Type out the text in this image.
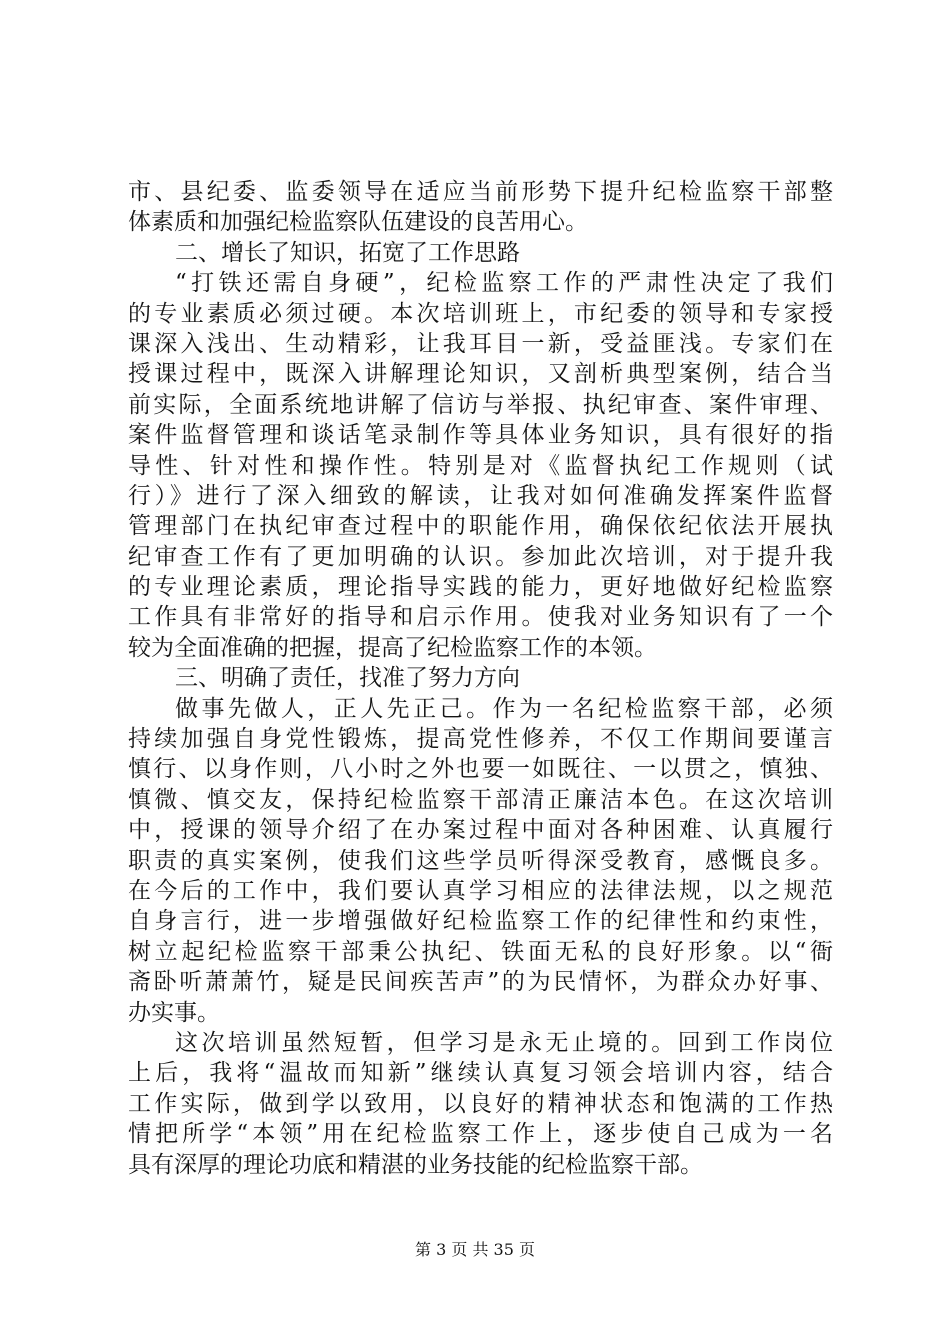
市、县纪委、监委领导在适应当前形势下提升纪检监察干部整
体素质和加强纪检监察队伍建设的良苦用心。
二、增长了知识，拓宽了工作思路
“打铁还需自身硬”，纪检监察工作的严肃性决定了我们
的专业素质必须过硬。本次培训班上，市纪委的领导和专家授
课深入浅出、生动精彩，让我耳目一新，受益匪浅。专家们在
授课过程中，既深入讲解理论知识，又剖析典型案例，结合当
前实际，全面系统地讲解了信访与举报、执纪审查、案件审理、
案件监督管理和谈话笔录制作等具体业务知识，具有很好的指
导性、针对性和操作性。特别是对《监督执纪工作规则（试
行）》进行了深入细致的解读，让我对如何准确发挥案件监督
管理部门在执纪审查过程中的职能作用，确保依纪依法开展执
纪审查工作有了更加明确的认识。参加此次培训，对于提升我
的专业理论素质，理论指导实践的能力，更好地做好纪检监察
工作具有非常好的指导和启示作用。使我对业务知识有了一个
较为全面准确的把握，提高了纪检监察工作的本领。
三、明确了责任，找准了努力方向
做事先做人，正人先正己。作为一名纪检监察干部，必须
持续加强自身党性锻炼，提高党性修养，不仅工作期间要谨言
慎行、以身作则，八小时之外也要一如既往、一以贯之，慎独、
慎微、慎交友，保持纪检监察干部清正廉洁本色。在这次培训
中，授课的领导介绍了在办案过程中面对各种困难、认真履行
职责的真实案例，使我们这些学员听得深受教育，感慨良多。
在今后的工作中，我们要认真学习相应的法律法规，以之规范
自身言行，进一步增强做好纪检监察工作的纪律性和约束性，
树立起纪检监察干部秉公执纪、铁面无私的良好形象。以“衙
斋卧听萧萧竹，疑是民间疾苦声”的为民情怀，为群众办好事、
办实事。
这次培训虽然短暂，但学习是永无止境的。回到工作岗位
上后，我将“温故而知新”继续认真复习领会培训内容，结合
工作实际，做到学以致用，以良好的精神状态和饱满的工作热
情把所学“本领”用在纪检监察工作上，逐步使自己成为一名
具有深厚的理论功底和精湛的业务技能的纪检监察干部。
第 3 页 共 35 页
